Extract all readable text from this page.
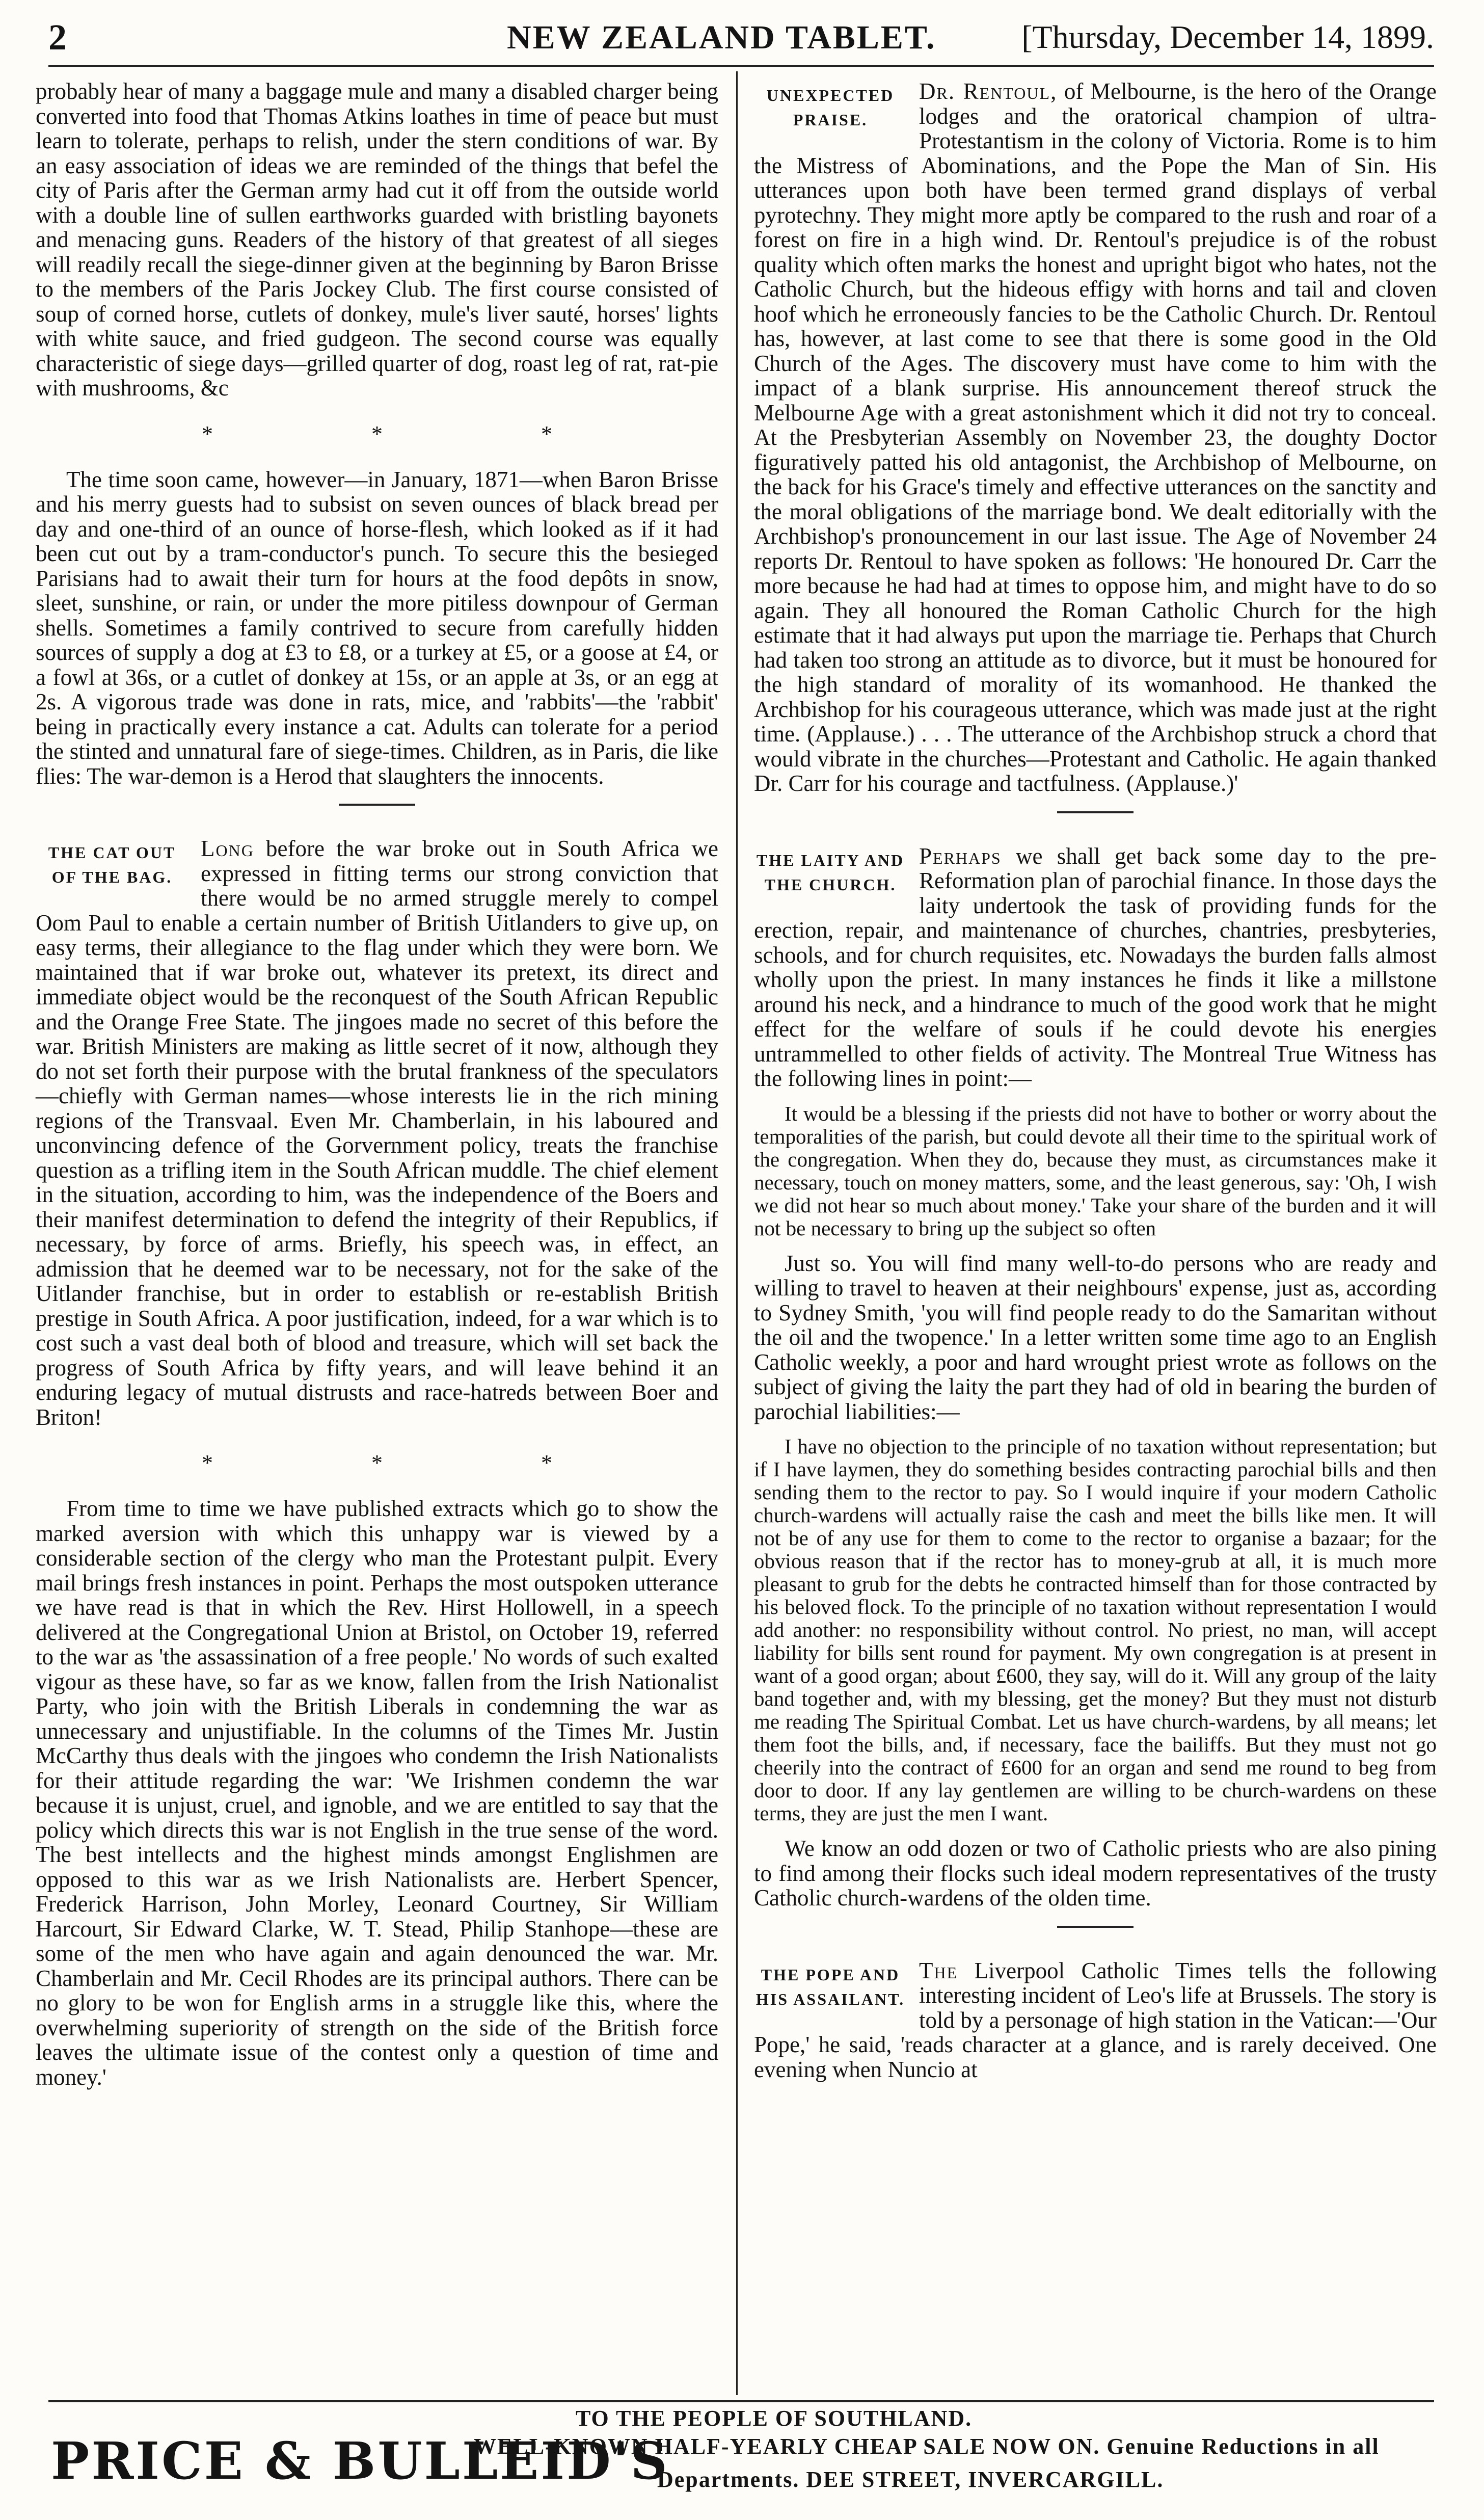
2	NEW ZEALAND TABLET.	[Thursday, December 14, 1899.

probably hear of many a baggage mule and many a disabled charger being converted into food that Thomas Atkins loathes in time of peace but must learn to tolerate, perhaps to relish, under the stern conditions of war. By an easy association of ideas we are reminded of the things that befel the city of Paris after the German army had cut it off from the outside world with a double line of sullen earthworks guarded with bristling bayonets and menacing guns. Readers of the history of that greatest of all sieges will readily recall the siege-dinner given at the beginning by Baron Brisse to the members of the Paris Jockey Club. The first course consisted of soup of corned horse, cutlets of donkey, mule's liver sauté, horses' lights with white sauce, and fried gudgeon. The second course was equally characteristic of siege days—grilled quarter of dog, roast leg of rat, rat-pie with mushrooms, &c

* * *

The time soon came, however—in January, 1871—when Baron Brisse and his merry guests had to subsist on seven ounces of black bread per day and one-third of an ounce of horse-flesh, which looked as if it had been cut out by a tram-conductor's punch. To secure this the besieged Parisians had to await their turn for hours at the food depôts in snow, sleet, sunshine, or rain, or under the more pitiless downpour of German shells. Sometimes a family contrived to secure from carefully hidden sources of supply a dog at £3 to £8, or a turkey at £5, or a goose at £4, or a fowl at 36s, or a cutlet of donkey at 15s, or an apple at 3s, or an egg at 2s. A vigorous trade was done in rats, mice, and 'rabbits'—the 'rabbit' being in practically every instance a cat. Adults can tolerate for a period the stinted and unnatural fare of siege-times. Children, as in Paris, die like flies: The war-demon is a Herod that slaughters the innocents.

THE CAT OUT OF THE BAG.

Long before the war broke out in South Africa we expressed in fitting terms our strong conviction that there would be no armed struggle merely to compel Oom Paul to enable a certain number of British Uitlanders to give up, on easy terms, their allegiance to the flag under which they were born. We maintained that if war broke out, whatever its pretext, its direct and immediate object would be the reconquest of the South African Republic and the Orange Free State. The jingoes made no secret of this before the war. British Ministers are making as little secret of it now, although they do not set forth their purpose with the brutal frankness of the speculators—chiefly with German names—whose interests lie in the rich mining regions of the Transvaal. Even Mr. Chamberlain, in his laboured and unconvincing defence of the Gorvernment policy, treats the franchise question as a trifling item in the South African muddle. The chief element in the situation, according to him, was the independence of the Boers and their manifest determination to defend the integrity of their Republics, if necessary, by force of arms. Briefly, his speech was, in effect, an admission that he deemed war to be necessary, not for the sake of the Uitlander franchise, but in order to establish or re-establish British prestige in South Africa. A poor justification, indeed, for a war which is to cost such a vast deal both of blood and treasure, which will set back the progress of South Africa by fifty years, and will leave behind it an enduring legacy of mutual distrusts and race-hatreds between Boer and Briton!

* * *

From time to time we have published extracts which go to show the marked aversion with which this unhappy war is viewed by a considerable section of the clergy who man the Protestant pulpit. Every mail brings fresh instances in point. Perhaps the most outspoken utterance we have read is that in which the Rev. Hirst Hollowell, in a speech delivered at the Congregational Union at Bristol, on October 19, referred to the war as 'the assassination of a free people.' No words of such exalted vigour as these have, so far as we know, fallen from the Irish Nationalist Party, who join with the British Liberals in condemning the war as unnecessary and unjustifiable. In the columns of the Times Mr. Justin McCarthy thus deals with the jingoes who condemn the Irish Nationalists for their attitude regarding the war: 'We Irishmen condemn the war because it is unjust, cruel, and ignoble, and we are entitled to say that the policy which directs this war is not English in the true sense of the word. The best intellects and the highest minds amongst Englishmen are opposed to this war as we Irish Nationalists are. Herbert Spencer, Frederick Harrison, John Morley, Leonard Courtney, Sir William Harcourt, Sir Edward Clarke, W. T. Stead, Philip Stanhope—these are some of the men who have again and again denounced the war. Mr. Chamberlain and Mr. Cecil Rhodes are its principal authors. There can be no glory to be won for English arms in a struggle like this, where the overwhelming superiority of strength on the side of the British force leaves the ultimate issue of the contest only a question of time and money.'

UNEXPECTED PRAISE.

Dr. Rentoul, of Melbourne, is the hero of the Orange lodges and the oratorical champion of ultra-Protestantism in the colony of Victoria. Rome is to him the Mistress of Abominations, and the Pope the Man of Sin. His utterances upon both have been termed grand displays of verbal pyrotechny. They might more aptly be compared to the rush and roar of a forest on fire in a high wind. Dr. Rentoul's prejudice is of the robust quality which often marks the honest and upright bigot who hates, not the Catholic Church, but the hideous effigy with horns and tail and cloven hoof which he erroneously fancies to be the Catholic Church. Dr. Rentoul has, however, at last come to see that there is some good in the Old Church of the Ages. The discovery must have come to him with the impact of a blank surprise. His announcement thereof struck the Melbourne Age with a great astonishment which it did not try to conceal. At the Presbyterian Assembly on November 23, the doughty Doctor figuratively patted his old antagonist, the Archbishop of Melbourne, on the back for his Grace's timely and effective utterances on the sanctity and the moral obligations of the marriage bond. We dealt editorially with the Archbishop's pronouncement in our last issue. The Age of November 24 reports Dr. Rentoul to have spoken as follows: 'He honoured Dr. Carr the more because he had had at times to oppose him, and might have to do so again. They all honoured the Roman Catholic Church for the high estimate that it had always put upon the marriage tie. Perhaps that Church had taken too strong an attitude as to divorce, but it must be honoured for the high standard of morality of its womanhood. He thanked the Archbishop for his courageous utterance, which was made just at the right time. (Applause.) . . . The utterance of the Archbishop struck a chord that would vibrate in the churches—Protestant and Catholic. He again thanked Dr. Carr for his courage and tactfulness. (Applause.)'

THE LAITY AND THE CHURCH.

Perhaps we shall get back some day to the pre-Reformation plan of parochial finance. In those days the laity undertook the task of providing funds for the erection, repair, and maintenance of churches, chantries, presbyteries, schools, and for church requisites, etc. Nowadays the burden falls almost wholly upon the priest. In many instances he finds it like a millstone around his neck, and a hindrance to much of the good work that he might effect for the welfare of souls if he could devote his energies untrammelled to other fields of activity. The Montreal True Witness has the following lines in point:—

It would be a blessing if the priests did not have to bother or worry about the temporalities of the parish, but could devote all their time to the spiritual work of the congregation. When they do, because they must, as circumstances make it necessary, touch on money matters, some, and the least generous, say: 'Oh, I wish we did not hear so much about money.' Take your share of the burden and it will not be necessary to bring up the subject so often

Just so. You will find many well-to-do persons who are ready and willing to travel to heaven at their neighbours' expense, just as, according to Sydney Smith, 'you will find people ready to do the Samaritan without the oil and the twopence.' In a letter written some time ago to an English Catholic weekly, a poor and hard wrought priest wrote as follows on the subject of giving the laity the part they had of old in bearing the burden of parochial liabilities:—

I have no objection to the principle of no taxation without representation; but if I have laymen, they do something besides contracting parochial bills and then sending them to the rector to pay. So I would inquire if your modern Catholic church-wardens will actually raise the cash and meet the bills like men. It will not be of any use for them to come to the rector to organise a bazaar; for the obvious reason that if the rector has to money-grub at all, it is much more pleasant to grub for the debts he contracted himself than for those contracted by his beloved flock. To the principle of no taxation without representation I would add another: no responsibility without control. No priest, no man, will accept liability for bills sent round for payment. My own congregation is at present in want of a good organ; about £600, they say, will do it. Will any group of the laity band together and, with my blessing, get the money? But they must not disturb me reading The Spiritual Combat. Let us have church-wardens, by all means; let them foot the bills, and, if necessary, face the bailiffs. But they must not go cheerily into the contract of £600 for an organ and send me round to beg from door to door. If any lay gentlemen are willing to be church-wardens on these terms, they are just the men I want.

We know an odd dozen or two of Catholic priests who are also pining to find among their flocks such ideal modern representatives of the trusty Catholic church-wardens of the olden time.

THE POPE AND HIS ASSAILANT.

The Liverpool Catholic Times tells the following interesting incident of Leo's life at Brussels. The story is told by a personage of high station in the Vatican:—'Our Pope,' he said, 'reads character at a glance, and is rarely deceived. One evening when Nuncio at

TO THE PEOPLE OF SOUTHLAND.
PRICE & BULLEID'S
WELL-KNOWN HALF-YEARLY CHEAP SALE NOW ON. Genuine Reductions in all
Departments. DEE STREET, INVERCARGILL.
